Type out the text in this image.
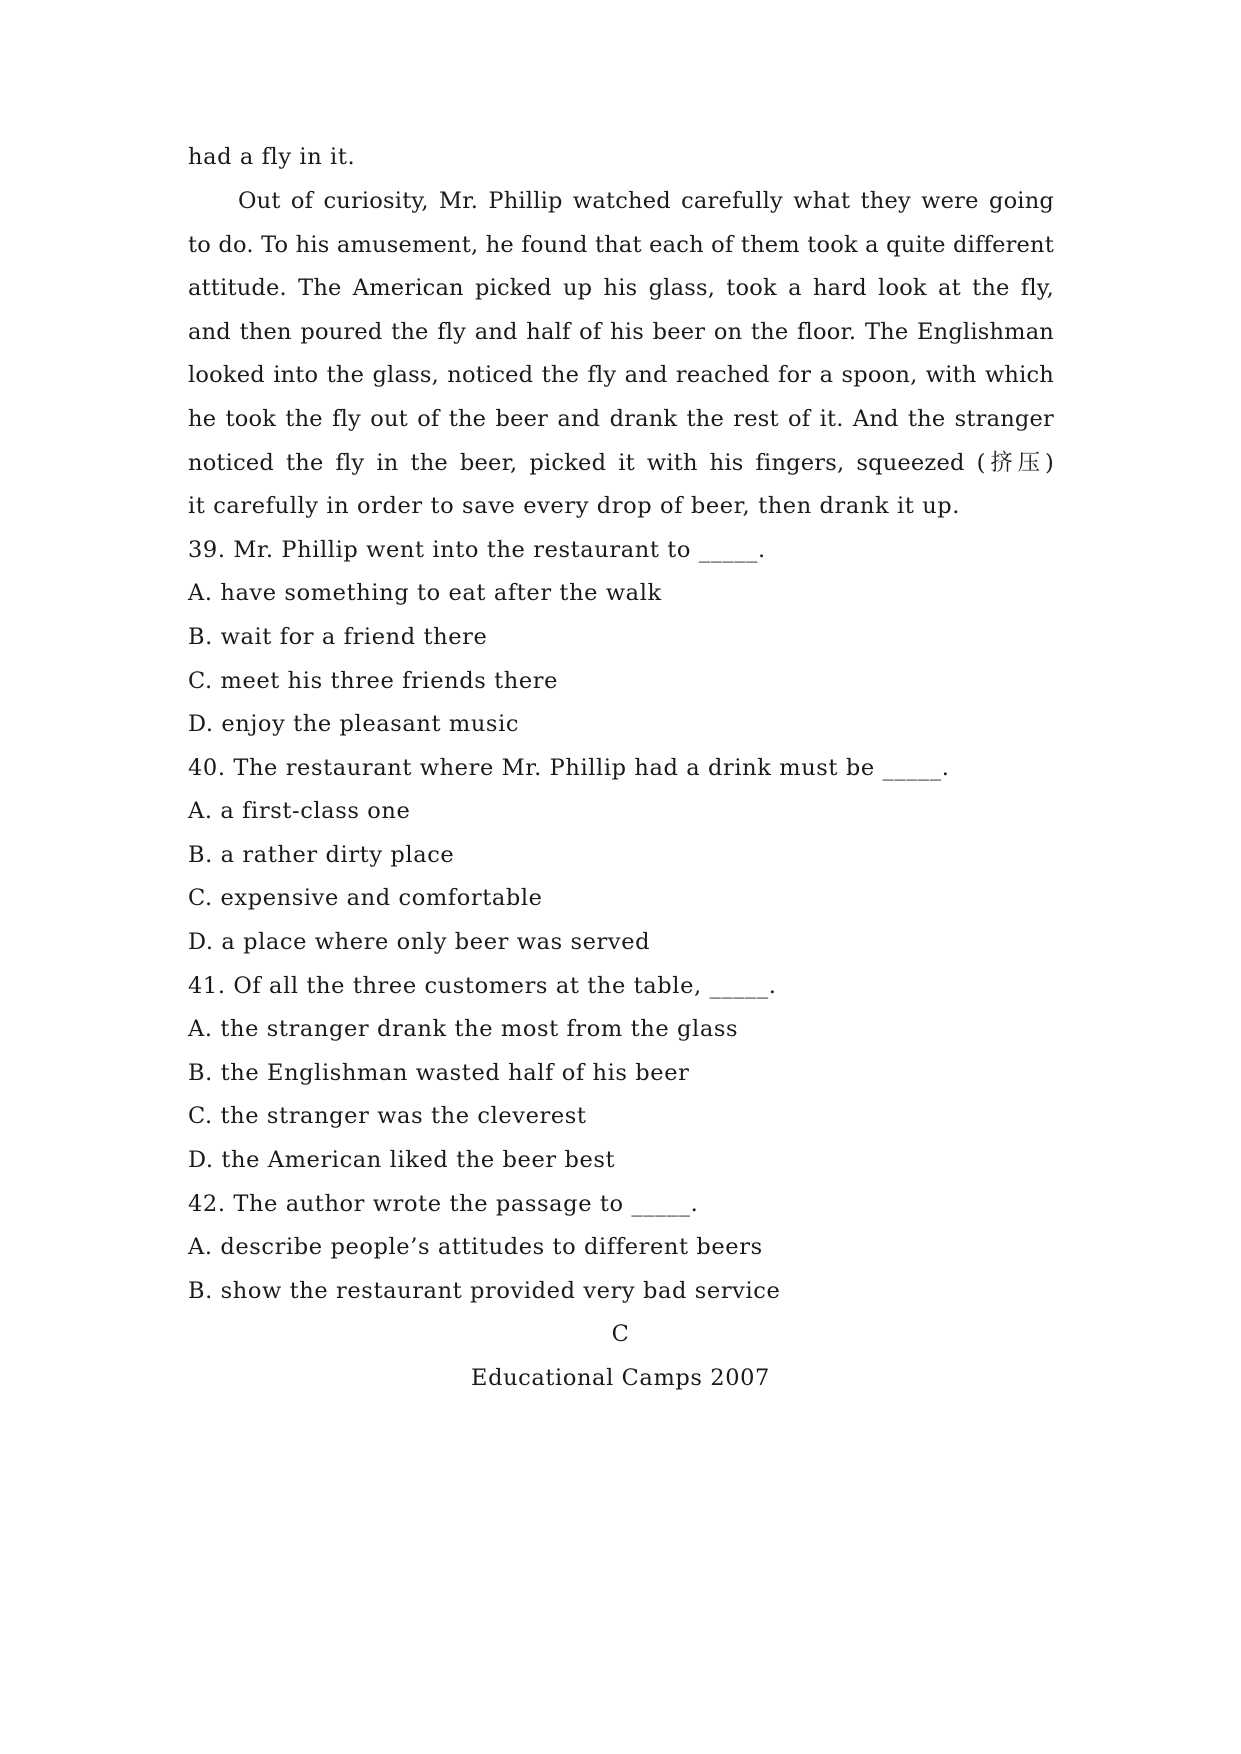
had a fly in it.
Out of curiosity, Mr. Phillip watched carefully what they were going
to do. To his amusement, he found that each of them took a quite different
attitude. The American picked up his glass, took a hard look at the fly,
and then poured the fly and half of his beer on the floor. The Englishman
looked into the glass, noticed the fly and reached for a spoon, with which
he took the fly out of the beer and drank the rest of it. And the stranger
noticed the fly in the beer, picked it with his fingers, squeezed (挤压)
it carefully in order to save every drop of beer, then drank it up.
39. Mr. Phillip went into the restaurant to _____.
A. have something to eat after the walk
B. wait for a friend there
C. meet his three friends there
D. enjoy the pleasant music
40. The restaurant where Mr. Phillip had a drink must be _____.
A. a first-class one
B. a rather dirty place
C. expensive and comfortable
D. a place where only beer was served
41. Of all the three customers at the table, _____.
A. the stranger drank the most from the glass
B. the Englishman wasted half of his beer
C. the stranger was the cleverest
D. the American liked the beer best
42. The author wrote the passage to _____.
A. describe people’s attitudes to different beers
B. show the restaurant provided very bad service
C
Educational Camps 2007
